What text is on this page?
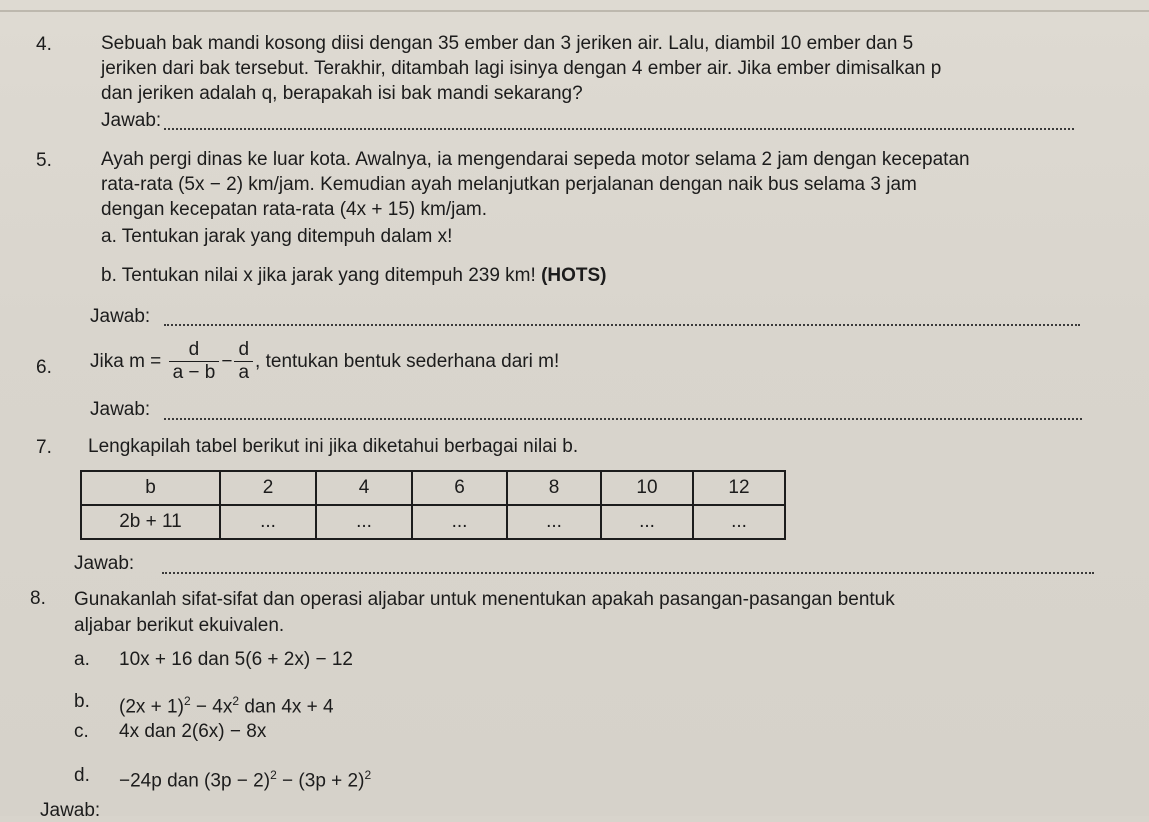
4.	Sebuah bak mandi kosong diisi dengan 35 ember dan 3 jeriken air. Lalu, diambil 10 ember dan 5
jeriken dari bak tersebut. Terakhir, ditambah lagi isinya dengan 4 ember air. Jika ember dimisalkan p
dan jeriken adalah q, berapakah isi bak mandi sekarang?
Jawab:
5.	Ayah pergi dinas ke luar kota. Awalnya, ia mengendarai sepeda motor selama 2 jam dengan kecepatan
rata-rata (5x − 2) km/jam. Kemudian ayah melanjutkan perjalanan dengan naik bus selama 3 jam
dengan kecepatan rata-rata (4x + 15) km/jam.
a. Tentukan jarak yang ditempuh dalam x!
b. Tentukan nilai x jika jarak yang ditempuh 239 km! (HOTS)
Jawab:
6. Jika $m = \frac{d}{a - b} - \frac{d}{a}$ , tentukan bentuk sederhana dari m!
Jawab:
7. Lengkapilah tabel berikut ini jika diketahui berbagai nilai b.
b	2	4	6	8	10	12
2b + 11	...	...	...	...	...	...
Jawab:
8. Gunakanlah sifat-sifat dan operasi aljabar untuk menentukan apakah pasangan-pasangan bentuk
aljabar berikut ekuivalen.
a. 10x + 16 dan 5(6 + 2x) − 12
b. $(2x + 1)^2 - 4x^2$ dan 4x + 4
c. 4x dan 2(6x) − 8x
d. −24p dan $(3p - 2)^2 - (3p + 2)^2$
Jawab:
